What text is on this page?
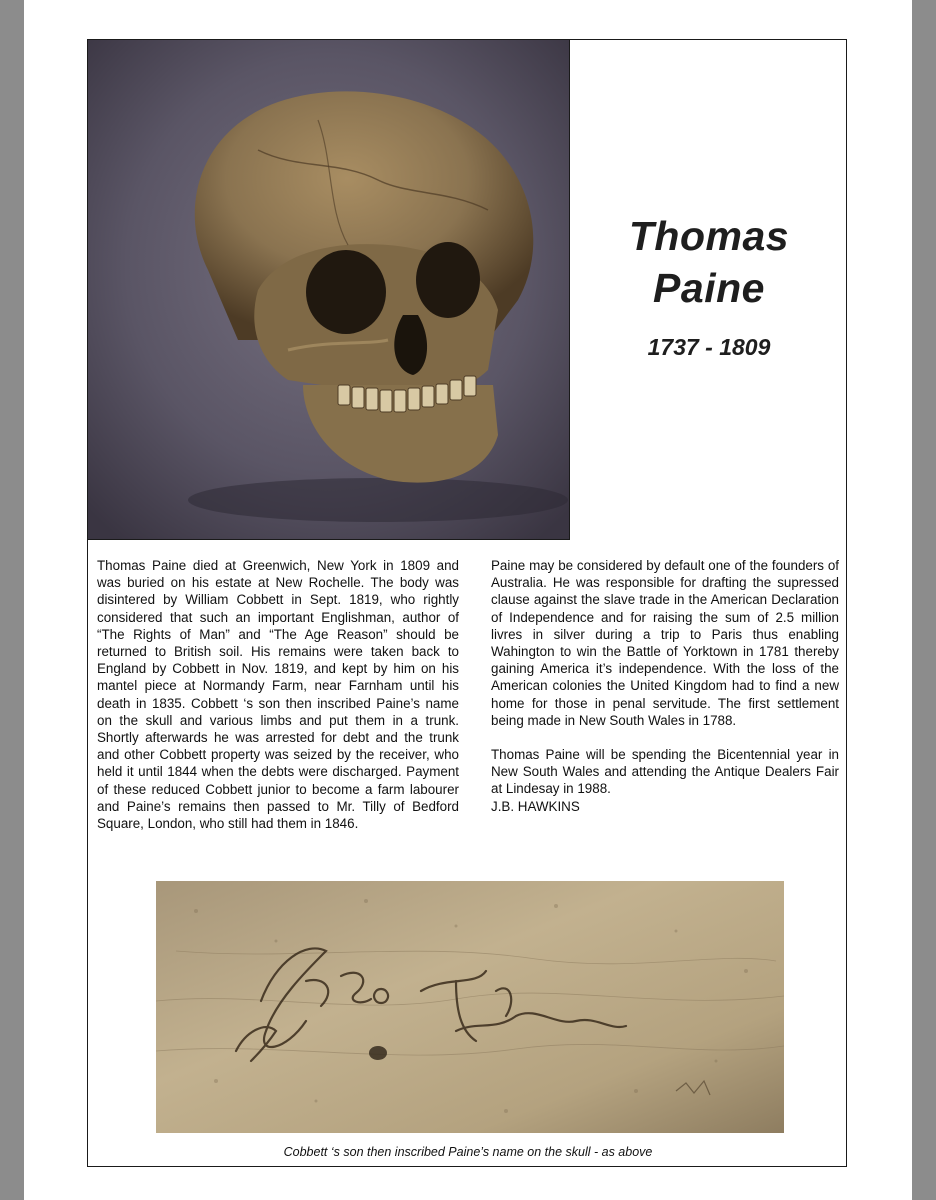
Thomas
Paine
1737 - 1809

Thomas Paine died at Greenwich, New York in 1809 and was buried on his estate at New Rochelle. The body was disintered by William Cobbett in Sept. 1819, who rightly considered that such an important Englishman, author of “The Rights of Man” and “The Age Reason” should be returned to British soil. His remains were taken back to England by Cobbett in Nov. 1819, and kept by him on his mantel piece at Normandy Farm, near Farnham until his death in 1835. Cobbett ‘s son then inscribed Paine’s name on the skull and various limbs and put them in a trunk. Shortly afterwards he was arrested for debt and the trunk and other Cobbett property was seized by the receiver, who held it until 1844 when the debts were discharged. Payment of these reduced Cobbett junior to become a farm labourer and Paine’s remains then passed to Mr. Tilly of Bedford Square, London, who still had them in 1846.

Paine may be considered by default one of the founders of Australia. He was responsible for drafting the supressed clause against the slave trade in the American Declaration of Independence and for raising the sum of 2.5 million livres in silver during a trip to Paris thus enabling Wahington to win the Battle of Yorktown in 1781 thereby gaining America it’s independence. With the loss of the American colonies the United Kingdom had to find a new home for those in penal servitude. The first settlement being made in New South Wales in 1788.

Thomas Paine will be spending the Bicentennial year in New South Wales and attending the Antique Dealers Fair at Lindesay in 1988.
J.B. HAWKINS

Cobbett ‘s son then inscribed Paine’s name on the skull - as above
